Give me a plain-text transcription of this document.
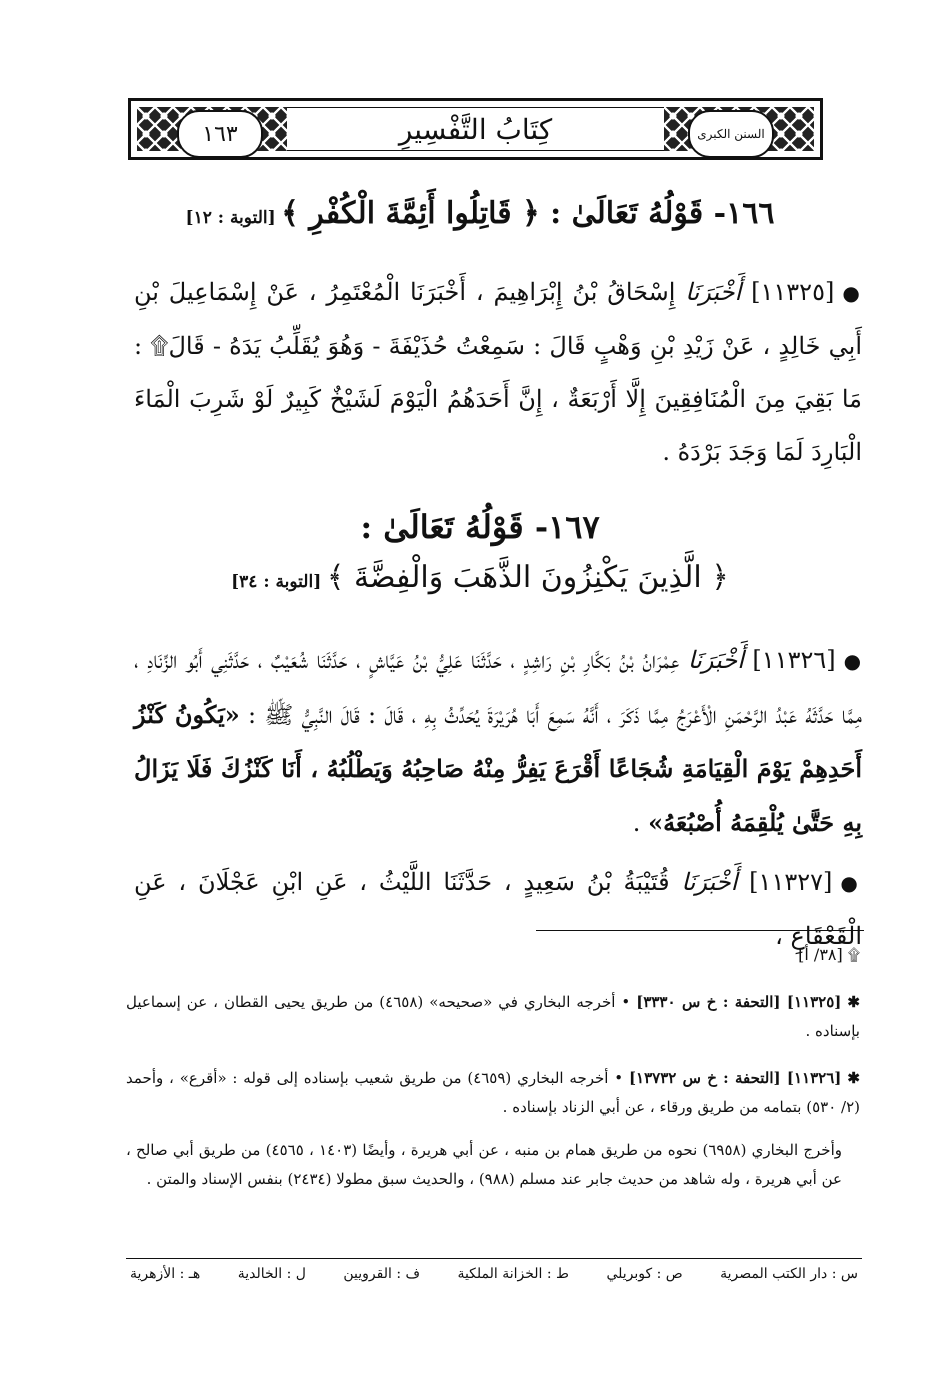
١٦٣	السنن الكبرى
كِتَابُ التَّفْسِيرِ
١٦٦- قَوْلُهُ تَعَالَىٰ : ﴿ قَاتِلُوا أَئِمَّةَ الْكُفْرِ ﴾ [التوبة : ١٢]
●[١١٣٢٥] أَخْبَرَنَا إِسْحَاقُ بْنُ إِبْرَاهِيمَ ، أَخْبَرَنَا الْمُعْتَمِرُ ، عَنْ إِسْمَاعِيلَ بْنِ أَبِي خَالِدٍ ، عَنْ زَيْدِ بْنِ وَهْبٍ قَالَ : سَمِعْتُ حُذَيْفَةَ - وَهُوَ يُقَلِّبُ يَدَهُ - قَالَ۩ : مَا بَقِيَ مِنَ الْمُنَافِقِينَ إِلَّا أَرْبَعَةٌ ، إِنَّ أَحَدَهُمُ الْيَوْمَ لَشَيْخٌ كَبِيرٌ لَوْ شَرِبَ الْمَاءَ الْبَارِدَ لَمَا وَجَدَ بَرْدَهُ .
١٦٧- قَوْلُهُ تَعَالَىٰ :
﴿ الَّذِينَ يَكْنِزُونَ الذَّهَبَ وَالْفِضَّةَ ﴾ [التوبة : ٣٤]
●[١١٣٢٦] أَخْبَرَنَا عِمْرَانُ بْنُ بَكَّارِ بْنِ رَاشِدٍ ، حَدَّثَنَا عَلِيُّ بْنُ عَيَّاشٍ ، حَدَّثَنَا شُعَيْبٌ ، حَدَّثَنِي أَبُو الزِّنَادِ ، مِمَّا حَدَّثَهُ عَبْدُ الرَّحْمَنِ الْأَعْرَجُ مِمَّا ذَكَرَ ، أَنَّهُ سَمِعَ أَبَا هُرَيْرَةَ يُحَدِّثُ بِهِ ، قَالَ : قَالَ النَّبِيُّ ﷺ : «يَكُونُ كَنْزُ أَحَدِهِمْ يَوْمَ الْقِيَامَةِ شُجَاعًا أَقْرَعَ يَفِرُّ مِنْهُ صَاحِبُهُ وَيَطْلُبُهُ ، أَنَا كَنْزُكَ فَلَا يَزَالُ بِهِ حَتَّىٰ يُلْقِمَهُ أُصْبُعَهُ» .
●[١١٣٢٧] أَخْبَرَنَا قُتَيْبَةُ بْنُ سَعِيدٍ ، حَدَّثَنَا اللَّيْثُ ، عَنِ ابْنِ عَجْلَانَ ، عَنِ الْقَعْقَاعِ ،
۩ [٣٨/ أ]
✱[١١٣٢٥] [التحفة : خ س ٣٣٣٠] • أخرجه البخاري في «صحيحه» (٤٦٥٨) من طريق يحيى القطان ، عن إسماعيل بإسناده .
✱[١١٣٢٦] [التحفة : خ س ١٣٧٣٢] • أخرجه البخاري (٤٦٥٩) من طريق شعيب بإسناده إلى قوله : «أقرع» ، وأحمد (٢/ ٥٣٠) بتمامه من طريق ورقاء ، عن أبي الزناد بإسناده .
وأخرج البخاري (٦٩٥٨) نحوه من طريق همام بن منبه ، عن أبي هريرة ، وأيضًا (١٤٠٣ ، ٤٥٦٥) من طريق أبي صالح ، عن أبي هريرة ، وله شاهد من حديث جابر عند مسلم (٩٨٨) ، والحديث سبق مطولا (٢٤٣٤) بنفس الإسناد والمتن .
س : دار الكتب المصرية
ص : كوبريلي
ط : الخزانة الملكية
ف : القرويين
ل : الخالدية
هـ : الأزهرية
